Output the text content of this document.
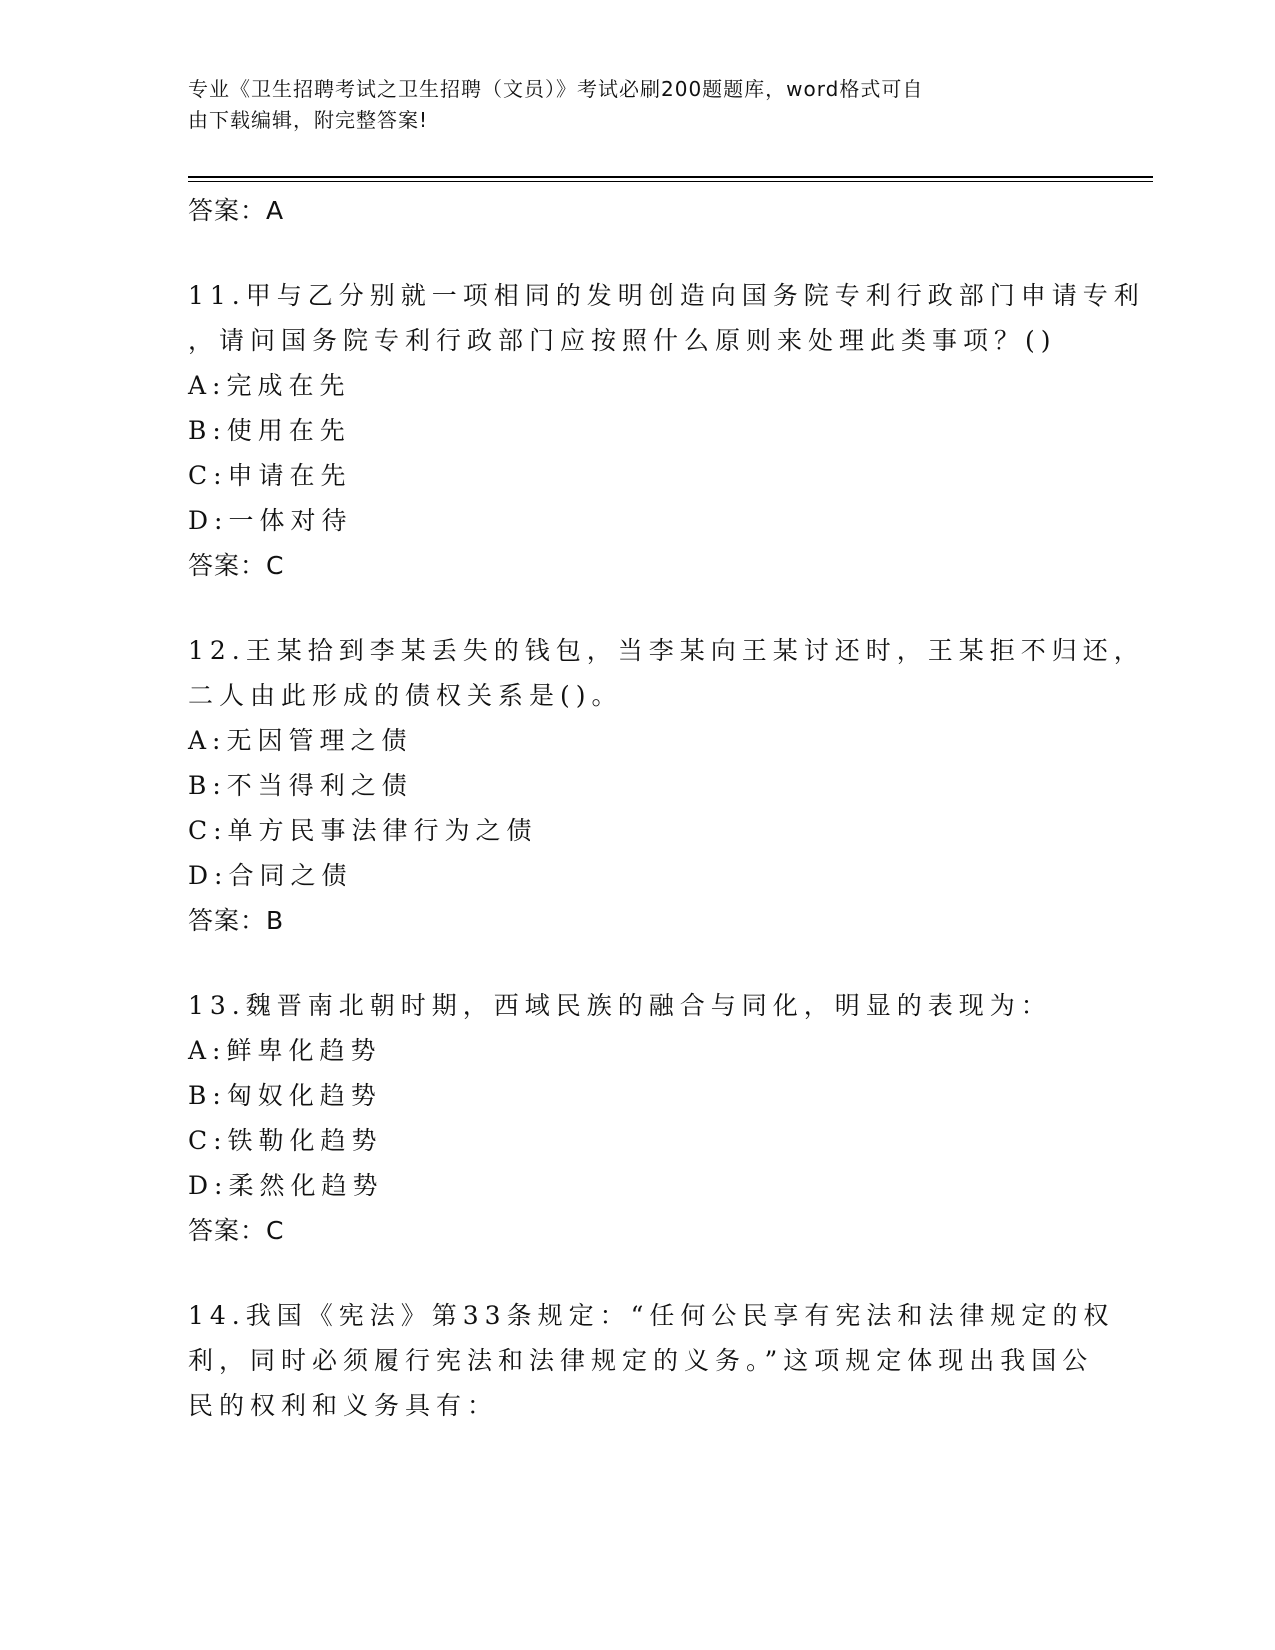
专业《卫生招聘考试之卫生招聘（文员）》考试必刷200题题库，word格式可自
由下载编辑，附完整答案!
答案：A
11.甲与乙分别就一项相同的发明创造向国务院专利行政部门申请专利
，请问国务院专利行政部门应按照什么原则来处理此类事项？()
A:完成在先
B:使用在先
C:申请在先
D:一体对待
答案：C
12.王某拾到李某丢失的钱包，当李某向王某讨还时，王某拒不归还，
二人由此形成的债权关系是()。
A:无因管理之债
B:不当得利之债
C:单方民事法律行为之债
D:合同之债
答案：B
13.魏晋南北朝时期，西域民族的融合与同化，明显的表现为：
A:鲜卑化趋势
B:匈奴化趋势
C:铁勒化趋势
D:柔然化趋势
答案：C
14.我国《宪法》第33条规定：“任何公民享有宪法和法律规定的权
利，同时必须履行宪法和法律规定的义务。”这项规定体现出我国公
民的权利和义务具有：
